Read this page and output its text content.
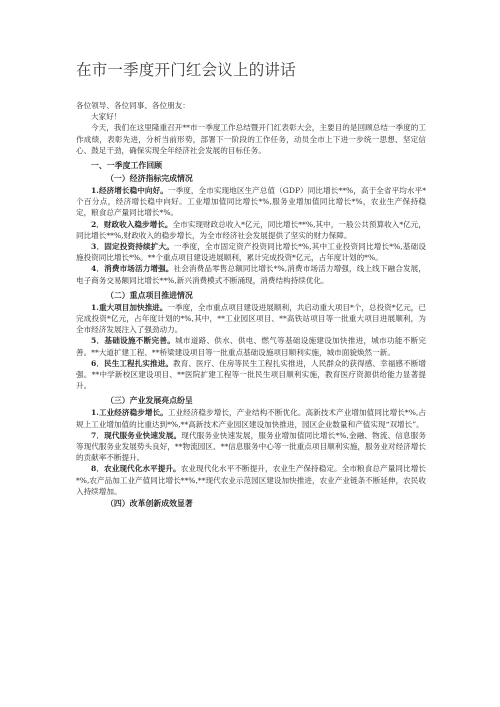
在市一季度开门红会议上的讲话

各位领导、各位同事、各位朋友：

大家好！

今天，我们在这里隆重召开**市一季度工作总结暨开门红表彰大会，主要目的是回顾总结一季度的工作成绩，表彰先进，分析当前形势，部署下一阶段的工作任务，动员全市上下进一步统一思想、坚定信心、鼓足干劲，确保实现全年经济社会发展的目标任务。

一、一季度工作回顾

（一）经济指标完成情况

1.经济增长稳中向好。一季度，全市实现地区生产总值（GDP）同比增长**%，高于全省平均水平*个百分点，经济增长稳中向好。工业增加值同比增长*%,服务业增加值同比增长*%，农业生产保持稳定，粮食总产量同比增长*%。

2．财政收入稳步增长。全市实现财政总收入*亿元，同比增长**%,其中，一般公共预算收入*亿元，同比增长**%,财政收入的稳步增长，为全市经济社会发展提供了坚实的财力保障。

3．固定投资持续扩大。一季度，全市固定资产投资同比增长*%,其中工业投资同比增长*%,基础设施投资同比增长*%。**个重点项目建设进展顺利，累计完成投资*亿元，占年度计划的*%。

4．消费市场活力增强。社会消费品零售总额同比增长*%,消费市场活力增强，线上线下融合发展，电子商务交易额同比增长**%,新兴消费模式不断涌现，消费结构持续优化。

（二）重点项目推进情况

1.重大项目加快推进。一季度，全市重点项目建设进展顺利，共启动重大项目*个，总投资*亿元，已完成投资*亿元，占年度计划的*%,其中，**工业园区项目、**高铁站项目等一批重大项目进展顺利，为全市经济发展注入了强劲动力。

5．基础设施不断完善。城市道路、供水、供电、燃气等基础设施建设加快推进，城市功能不断完善。**大道扩建工程、**桥梁建设项目等一批重点基础设施项目顺利实施，城市面貌焕然一新。

6．民生工程扎实推进。教育、医疗、住房等民生工程扎实推进，人民群众的获得感、幸福感不断增强。**中学新校区建设项目、**医院扩建工程等一批民生项目顺利实施，教育医疗资源供给能力显著提升。

（三）产业发展亮点纷呈

1.工业经济稳步增长。工业经济稳步增长，产业结构不断优化。高新技术产业增加值同比增长*%,占规上工业增加值的比重达到*%,**高新技术产业园区建设加快推进，园区企业数量和产值实现“双增长”。

7．现代服务业快速发展。现代服务业快速发展，服务业增加值同比增长*%,金融、物流、信息服务等现代服务业发展势头良好，**物流园区、**信息服务中心等一批重点项目顺利实施，服务业对经济增长的贡献率不断提升。

8．农业现代化水平提升。农业现代化水平不断提升，农业生产保持稳定。全市粮食总产量同比增长*%,农产品加工业产值同比增长**%,**现代农业示范园区建设加快推进，农业产业链条不断延伸，农民收入持续增加。

（四）改革创新成效显著
